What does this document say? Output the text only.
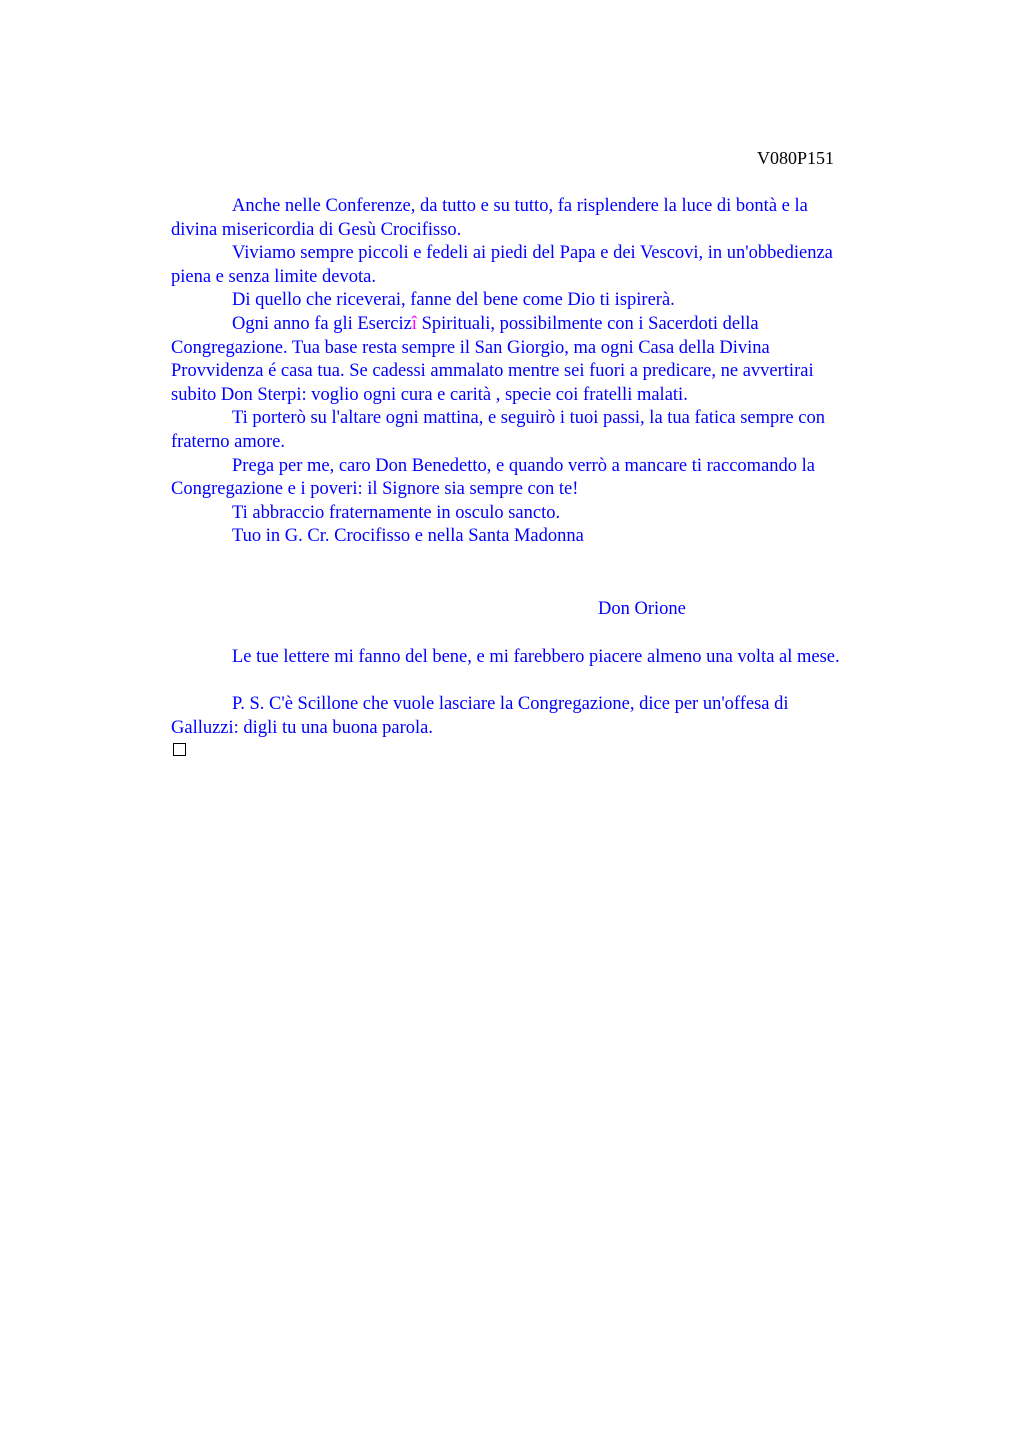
V080P151

Anche nelle Conferenze, da tutto e su tutto, fa risplendere la luce di bontà e la
divina misericordia di Gesù Crocifisso.

Viviamo sempre piccoli e fedeli ai piedi del Papa e dei Vescovi, in un'obbedienza
piena e senza limite devota.

Di quello che riceverai, fanne del bene come Dio ti ispirerà.

Ogni anno fa gli Esercizî Spirituali, possibilmente con i Sacerdoti della
Congregazione. Tua base resta sempre il San Giorgio, ma ogni Casa della Divina
Provvidenza é casa tua. Se cadessi ammalato mentre sei fuori a predicare, ne avvertirai
subito Don Sterpi: voglio ogni cura e carità , specie coi fratelli malati.

Ti porterò su l'altare ogni mattina, e seguirò i tuoi passi, la tua fatica sempre con
fraterno amore.

Prega per me, caro Don Benedetto, e quando verrò a mancare ti raccomando la
Congregazione e i poveri: il Signore sia sempre con te!

Ti abbraccio fraternamente in osculo sancto.

Tuo in G. Cr. Crocifisso e nella Santa Madonna

Don Orione
Le tue lettere mi fanno del bene, e mi farebbero piacere almeno una volta al mese.
P. S. C'è Scillone che vuole lasciare la Congregazione, dice per un'offesa di
Galluzzi: digli tu una buona parola.
